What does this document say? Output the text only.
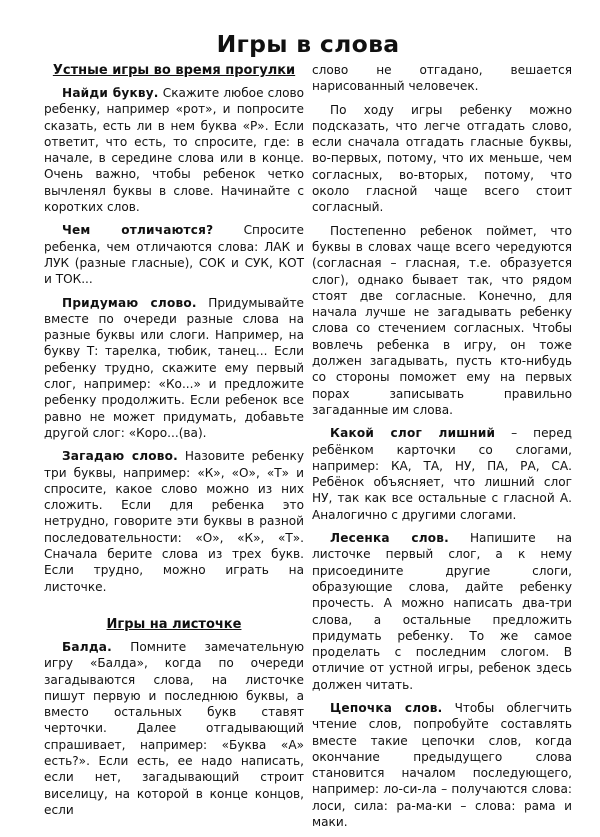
Игры в слова
Устные игры во время прогулки

Найди букву. Скажите любое слово ребенку, например «рот», и попросите сказать, есть ли в нем буква «Р». Если ответит, что есть, то спросите, где: в начале, в середине слова или в конце. Очень важно, чтобы ребенок четко вычленял буквы в слове. Начинайте с коротких слов.

Чем отличаются? Спросите ребенка, чем отличаются слова: ЛАК и ЛУК (разные гласные), СОК и СУК, КОТ и ТОК...

Придумаю слово. Придумывайте вместе по очереди разные слова на разные буквы или слоги. Например, на букву Т: тарелка, тюбик, танец... Если ребенку трудно, скажите ему первый слог, например: «Ко...» и предложите ребенку продолжить. Если ребенок все равно не может придумать, добавьте другой слог: «Коро...(ва).

Загадаю слово. Назовите ребенку три буквы, например: «К», «О», «Т» и спросите, какое слово можно из них сложить. Если для ребенка это нетрудно, говорите эти буквы в разной последовательности: «О», «К», «Т». Сначала берите слова из трех букв. Если трудно, можно играть на листочке.

Игры на листочке

Балда. Помните замечательную игру «Балда», когда по очереди загадываются слова, на листочке пишут первую и последнюю буквы, а вместо остальных букв ставят черточки. Далее отгадывающий спрашивает, например: «Буква «А» есть?». Если есть, ее надо написать, если нет, загадывающий строит виселицу, на которой в конце концов, если

слово не отгадано, вешается нарисованный человечек.

По ходу игры ребенку можно подсказать, что легче отгадать слово, если сначала отгадать гласные буквы, во-первых, потому, что их меньше, чем согласных, во-вторых, потому, что около гласной чаще всего стоит согласный.

Постепенно ребенок поймет, что буквы в словах чаще всего чередуются (согласная – гласная, т.е. образуется слог), однако бывает так, что рядом стоят две согласные. Конечно, для начала лучше не загадывать ребенку слова со стечением согласных. Чтобы вовлечь ребенка в игру, он тоже должен загадывать, пусть кто-нибудь со стороны поможет ему на первых порах записывать правильно загаданные им слова.

Какой слог лишний – перед ребёнком карточки со слогами, например: КА, ТА, НУ, ПА, РА, СА. Ребёнок объясняет, что лишний слог НУ, так как все остальные с гласной А. Аналогично с другими слогами.

Лесенка слов. Напишите на листочке первый слог, а к нему присоедините другие слоги, образующие слова, дайте ребенку прочесть. А можно написать два-три слова, а остальные предложить придумать ребенку. То же самое проделать с последним слогом. В отличие от устной игры, ребенок здесь должен читать.

Цепочка слов. Чтобы облегчить чтение слов, попробуйте составлять вместе такие цепочки слов, когда окончание предыдущего слова становится началом последующего, например: ло-си-ла – получаются слова: лоси, сила: ра-ма-ки – слова: рама и маки.
